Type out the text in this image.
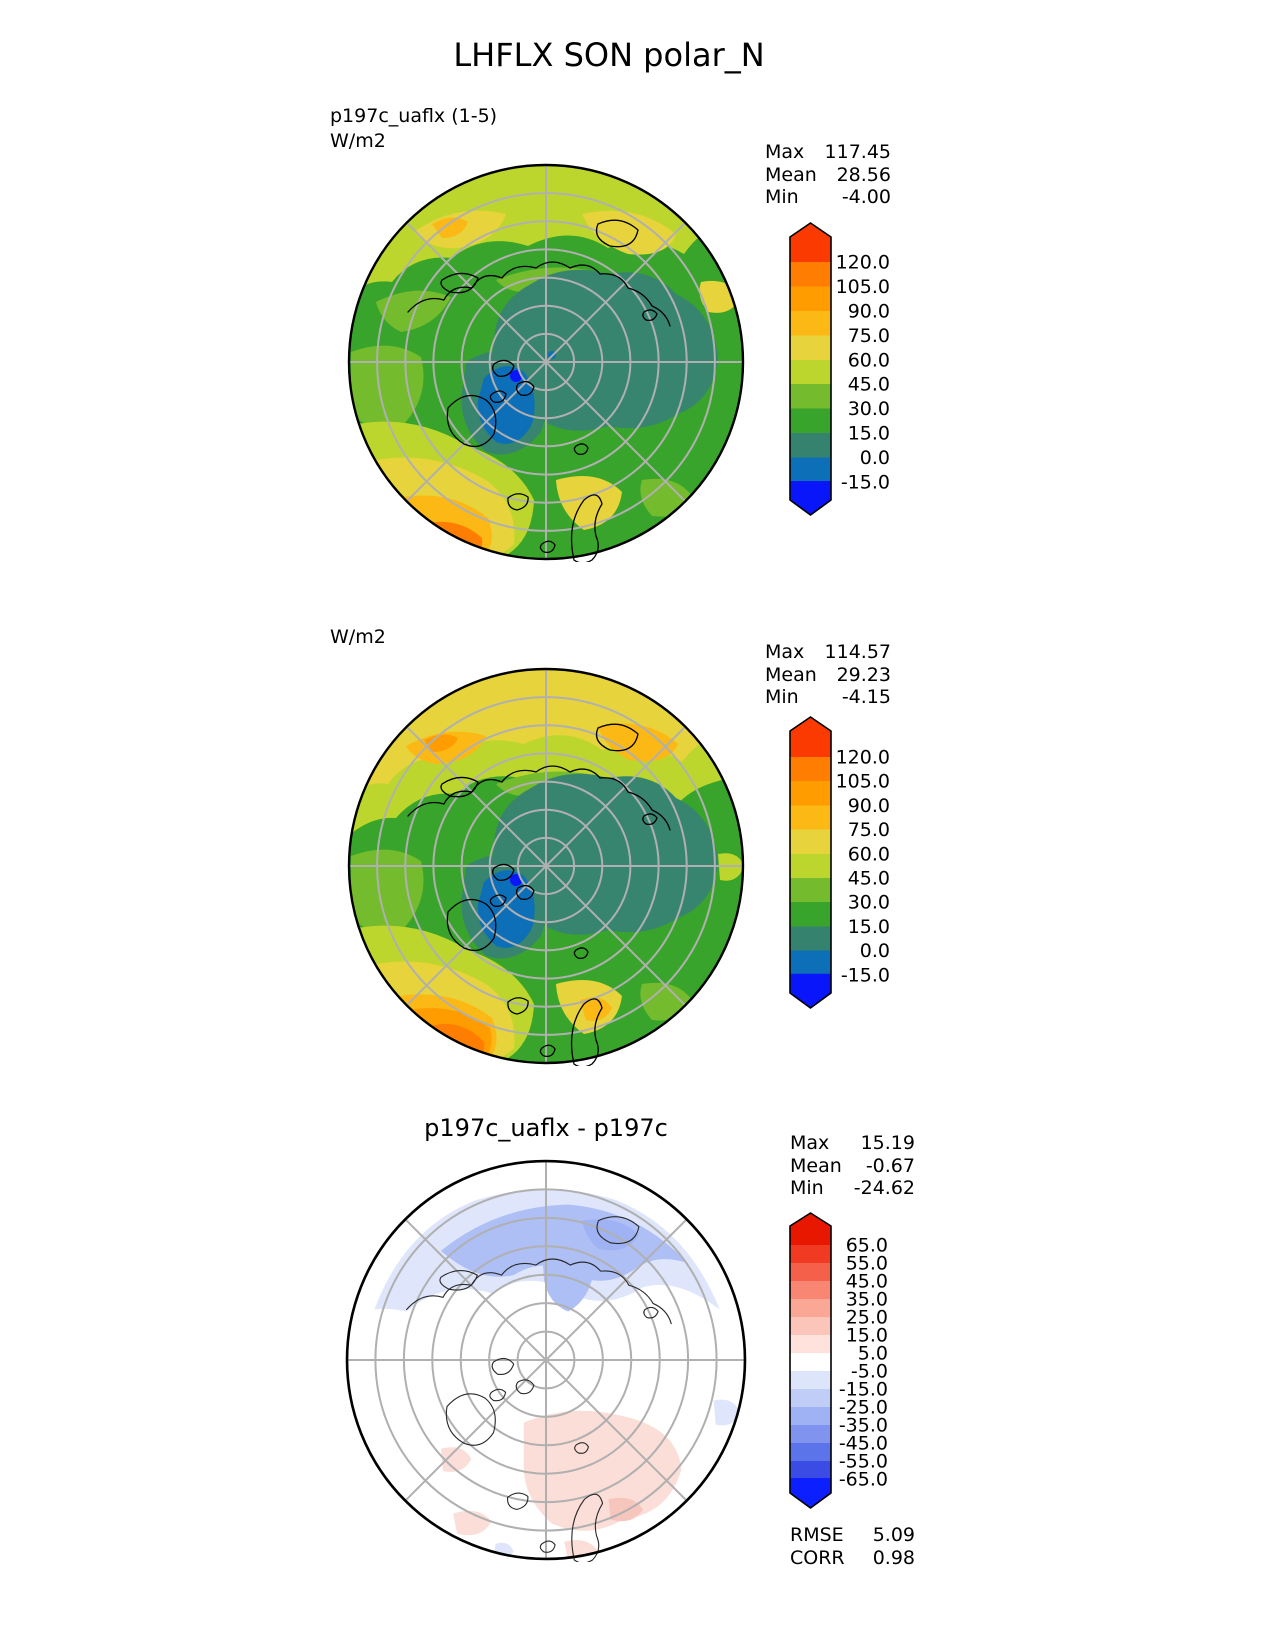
LHFLX SON polar_N
p197c_uaflx (1-5)
W/m2	Max 117.45
Mean 28.56
Min -4.00
120.0
105.0
90.0
75.0
60.0
45.0
30.0
15.0
0.0
-15.0
W/m2
Max 114.57
Mean 29.23
Min -4.15
120.0
105.0
90.0
75.0
60.0
45.0
30.0
15.0
0.0
-15.0
p197c_uaflx - p197c
Max 15.19
Mean -0.67
Min -24.62
65.0
55.0
45.0
35.0
25.0
15.0
5.0
-5.0
-15.0
-25.0
-35.0
-45.0
-55.0
-65.0
RMSE 5.09
CORR 0.98
